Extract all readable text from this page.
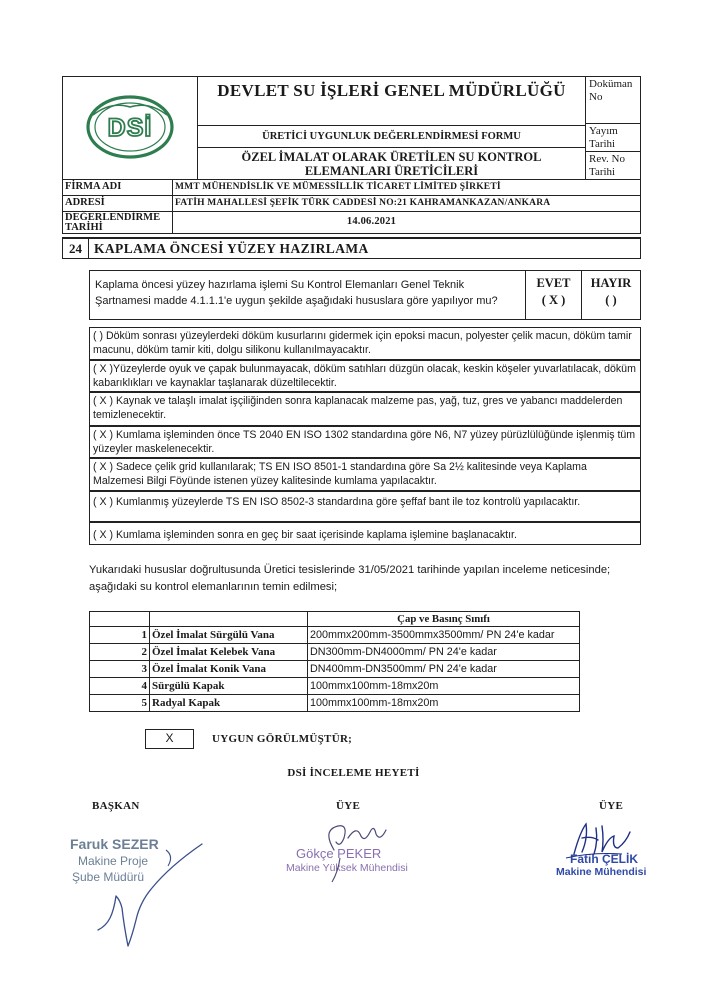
DSİ
DEVLET SU İŞLERİ GENEL MÜDÜRLÜĞÜ
ÜRETİCİ UYGUNLUK DEĞERLENDİRMESİ FORMU
ÖZEL İMALAT OLARAK ÜRETİLEN SU KONTROL ELEMANLARI ÜRETİCİLERİ
Doküman No
Yayım Tarihi
Rev. No Tarihi
FİRMA ADI	MMT MÜHENDİSLİK VE MÜMESSİLLİK TİCARET LİMİTED ŞİRKETİ
ADRESİ	FATİH MAHALLESİ ŞEFİK TÜRK CADDESİ NO:21 KAHRAMANKAZAN/ANKARA
DEĞERLENDİRME TARİHİ
14.06.2021
24 KAPLAMA ÖNCESİ YÜZEY HAZIRLAMA
Kaplama öncesi yüzey hazırlama işlemi Su Kontrol Elemanları Genel Teknik Şartnamesi madde 4.1.1.1'e uygun şekilde aşağıdaki hususlara göre yapılıyor mu?
EVET
( X )
HAYIR
( )
( ) Döküm sonrası yüzeylerdeki döküm kusurlarını gidermek için epoksi macun, polyester çelik macun, döküm tamir macunu, döküm tamir kiti, dolgu silikonu kullanılmayacaktır.
( X )Yüzeylerde oyuk ve çapak bulunmayacak, döküm satıhları düzgün olacak, keskin köşeler yuvarlatılacak, döküm kabarıklıkları ve kaynaklar taşlanarak düzeltilecektir.
( X ) Kaynak ve talaşlı imalat işçiliğinden sonra kaplanacak malzeme pas, yağ, tuz, gres ve yabancı maddelerden temizlenecektir.
( X ) Kumlama işleminden önce TS 2040 EN ISO 1302 standardına göre N6, N7 yüzey pürüzlülüğünde işlenmiş tüm yüzeyler maskelenecektir.
( X ) Sadece çelik grid kullanılarak; TS EN ISO 8501-1 standardına göre Sa 2½ kalitesinde veya Kaplama Malzemesi Bilgi Föyünde istenen yüzey kalitesinde kumlama yapılacaktır.
( X ) Kumlanmış yüzeylerde TS EN ISO 8502-3 standardına göre şeffaf bant ile toz kontrolü yapılacaktır.
( X ) Kumlama işleminden sonra en geç bir saat içerisinde kaplama işlemine başlanacaktır.
Yukarıdaki hususlar doğrultusunda Üretici tesislerinde 31/05/2021 tarihinde yapılan inceleme neticesinde; aşağıdaki su kontrol elemanlarının temin edilmesi;
		Çap ve Basınç Sınıfı
1	Özel İmalat Sürgülü Vana	200mmx200mm-3500mmx3500mm/ PN 24'e kadar
2	Özel İmalat Kelebek Vana	DN300mm-DN4000mm/ PN 24'e kadar
3	Özel İmalat Konik Vana	DN400mm-DN3500mm/ PN 24'e kadar
4	Sürgülü Kapak	100mmx100mm-18mx20m
5	Radyal Kapak	100mmx100mm-18mx20m
X	UYGUN GÖRÜLMÜŞTÜR;
DSİ İNCELEME HEYETİ
BAŞKAN	ÜYE	ÜYE
Faruk SEZER
Makine Proje
Şube Müdürü
Gökçe PEKER
Makine Yüksek Mühendisi
Fatih ÇELİK
Makine Mühendisi
